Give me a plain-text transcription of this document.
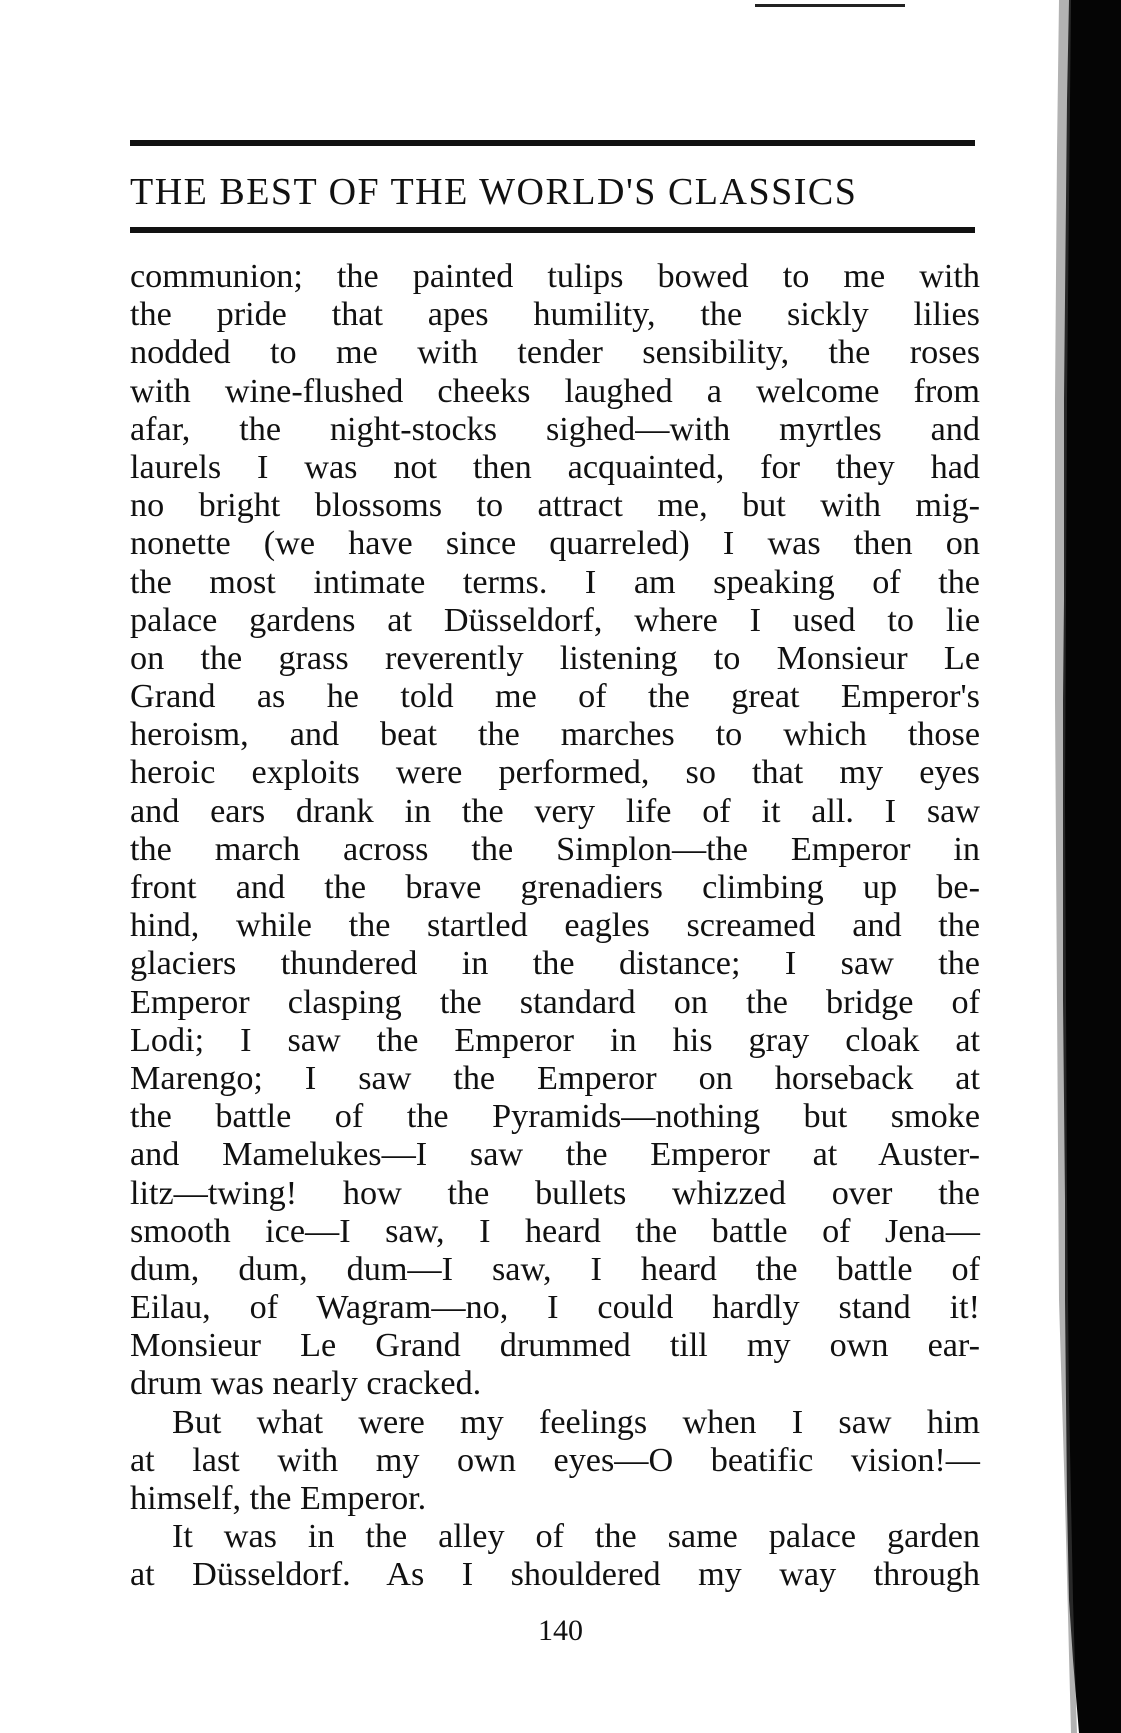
THE BEST OF THE WORLD'S CLASSICS
communion; the painted tulips bowed to me with
the pride that apes humility, the sickly lilies
nodded to me with tender sensibility, the roses
with wine-flushed cheeks laughed a welcome from
afar, the night-stocks sighed—with myrtles and
laurels I was not then acquainted, for they had
no bright blossoms to attract me, but with mig-
nonette (we have since quarreled) I was then on
the most intimate terms. I am speaking of the
palace gardens at Düsseldorf, where I used to lie
on the grass reverently listening to Monsieur Le
Grand as he told me of the great Emperor's
heroism, and beat the marches to which those
heroic exploits were performed, so that my eyes
and ears drank in the very life of it all. I saw
the march across the Simplon—the Emperor in
front and the brave grenadiers climbing up be-
hind, while the startled eagles screamed and the
glaciers thundered in the distance; I saw the
Emperor clasping the standard on the bridge of
Lodi; I saw the Emperor in his gray cloak at
Marengo; I saw the Emperor on horseback at
the battle of the Pyramids—nothing but smoke
and Mamelukes—I saw the Emperor at Auster-
litz—twing! how the bullets whizzed over the
smooth ice—I saw, I heard the battle of Jena—
dum, dum, dum—I saw, I heard the battle of
Eilau, of Wagram—no, I could hardly stand it!
Monsieur Le Grand drummed till my own ear-
drum was nearly cracked.
But what were my feelings when I saw him
at last with my own eyes—O beatific vision!—
himself, the Emperor.
It was in the alley of the same palace garden
at Düsseldorf. As I shouldered my way through
140
